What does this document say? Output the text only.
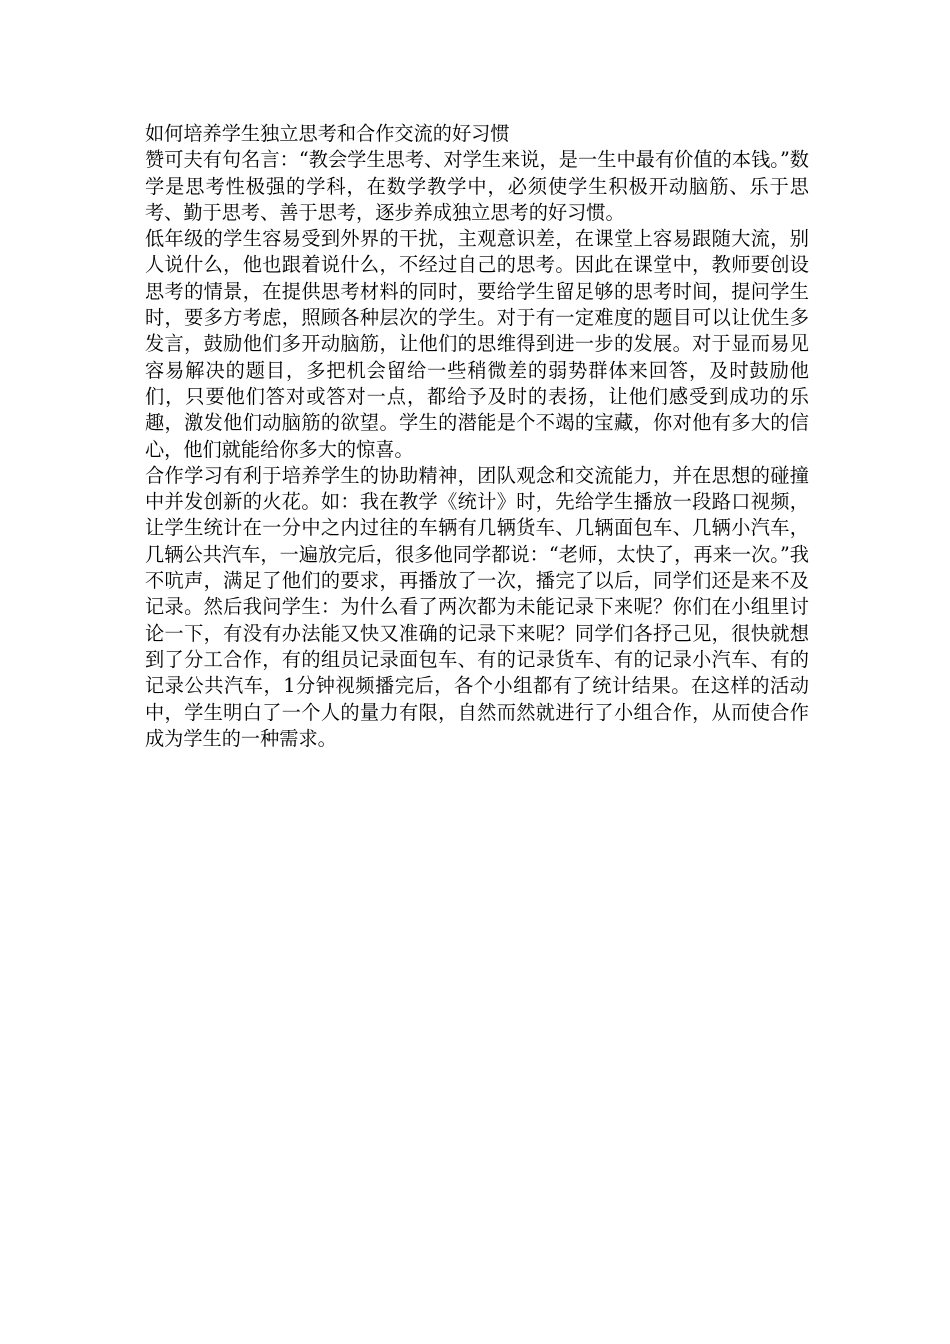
如何培养学生独立思考和合作交流的好习惯

赞可夫有句名言：“教会学生思考、对学生来说，是一生中最有价值的本钱。”数学是思考性极强的学科，在数学教学中，必须使学生积极开动脑筋、乐于思考、勤于思考、善于思考，逐步养成独立思考的好习惯。

低年级的学生容易受到外界的干扰，主观意识差，在课堂上容易跟随大流，别人说什么，他也跟着说什么，不经过自己的思考。因此在课堂中，教师要创设思考的情景，在提供思考材料的同时，要给学生留足够的思考时间，提问学生时，要多方考虑，照顾各种层次的学生。对于有一定难度的题目可以让优生多发言，鼓励他们多开动脑筋，让他们的思维得到进一步的发展。对于显而易见容易解决的题目，多把机会留给一些稍微差的弱势群体来回答，及时鼓励他们，只要他们答对或答对一点，都给予及时的表扬，让他们感受到成功的乐趣，激发他们动脑筋的欲望。学生的潜能是个不竭的宝藏，你对他有多大的信心，他们就能给你多大的惊喜。

合作学习有利于培养学生的协助精神，团队观念和交流能力，并在思想的碰撞中并发创新的火花。如：我在教学《统计》时，先给学生播放一段路口视频，让学生统计在一分中之内过往的车辆有几辆货车、几辆面包车、几辆小汽车，几辆公共汽车，一遍放完后，很多他同学都说：“老师，太快了，再来一次。”我不吭声，满足了他们的要求，再播放了一次，播完了以后，同学们还是来不及记录。然后我问学生：为什么看了两次都为未能记录下来呢？你们在小组里讨论一下，有没有办法能又快又准确的记录下来呢？同学们各抒己见，很快就想到了分工合作，有的组员记录面包车、有的记录货车、有的记录小汽车、有的记录公共汽车，1分钟视频播完后，各个小组都有了统计结果。在这样的活动中，学生明白了一个人的量力有限，自然而然就进行了小组合作，从而使合作成为学生的一种需求。
